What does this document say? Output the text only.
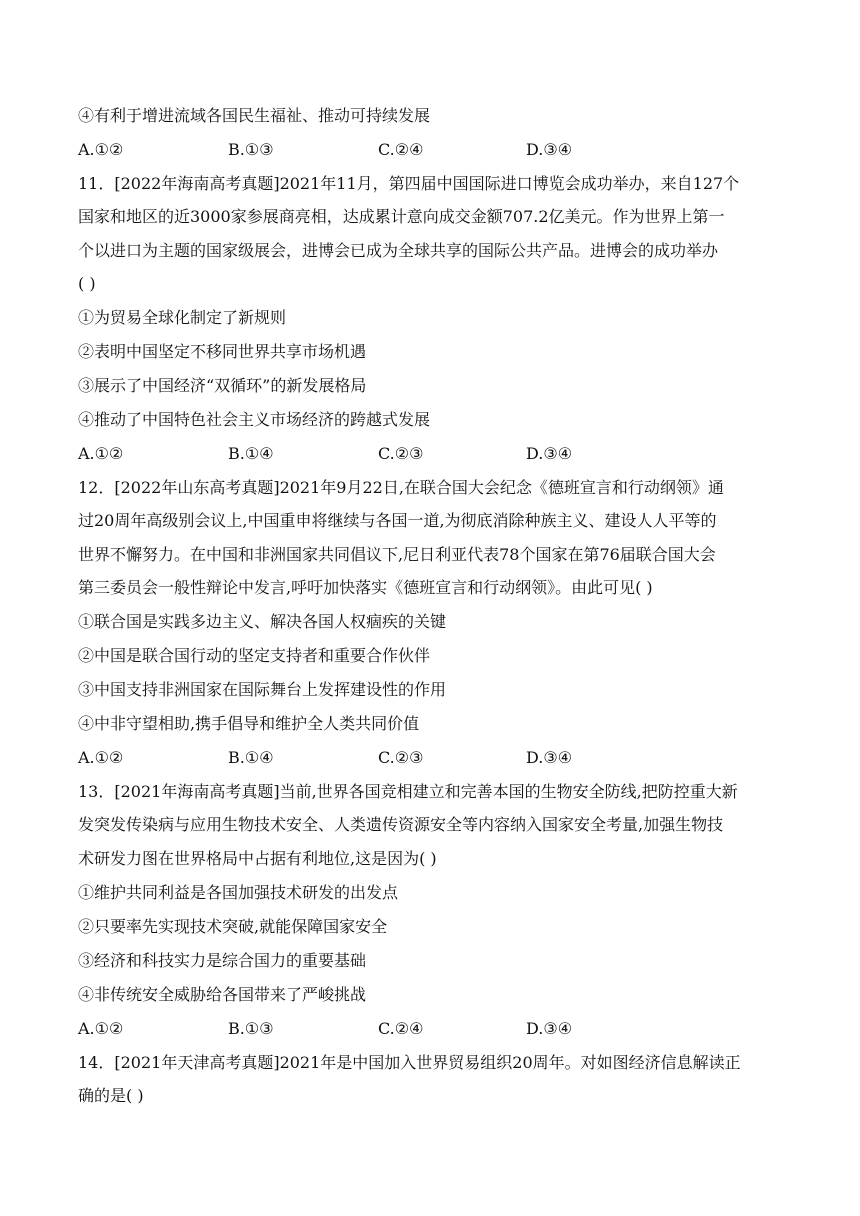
④有利于增进流域各国民生福祉、推动可持续发展
A.①②	B.①③	C.②④	D.③④
11．[2022年海南高考真题]2021年11月，第四届中国国际进口博览会成功举办，来自127个
国家和地区的近3000家参展商亮相，达成累计意向成交金额707.2亿美元。作为世界上第一
个以进口为主题的国家级展会，进博会已成为全球共享的国际公共产品。进博会的成功举办
( )
①为贸易全球化制定了新规则
②表明中国坚定不移同世界共享市场机遇
③展示了中国经济“双循环”的新发展格局
④推动了中国特色社会主义市场经济的跨越式发展
A.①②	B.①④	C.②③	D.③④
12．[2022年山东高考真题]2021年9月22日,在联合国大会纪念《德班宣言和行动纲领》通
过20周年高级别会议上,中国重申将继续与各国一道,为彻底消除种族主义、建设人人平等的
世界不懈努力。在中国和非洲国家共同倡议下,尼日利亚代表78个国家在第76届联合国大会
第三委员会一般性辩论中发言,呼吁加快落实《德班宣言和行动纲领》。由此可见( )
①联合国是实践多边主义、解决各国人权痼疾的关键
②中国是联合国行动的坚定支持者和重要合作伙伴
③中国支持非洲国家在国际舞台上发挥建设性的作用
④中非守望相助,携手倡导和维护全人类共同价值
A.①②	B.①④	C.②③	D.③④
13．[2021年海南高考真题]当前,世界各国竞相建立和完善本国的生物安全防线,把防控重大新
发突发传染病与应用生物技术安全、人类遗传资源安全等内容纳入国家安全考量,加强生物技
术研发力图在世界格局中占据有利地位,这是因为( )
①维护共同利益是各国加强技术研发的出发点
②只要率先实现技术突破,就能保障国家安全
③经济和科技实力是综合国力的重要基础
④非传统安全威胁给各国带来了严峻挑战
A.①②	B.①③	C.②④	D.③④
14．[2021年天津高考真题]2021年是中国加入世界贸易组织20周年。对如图经济信息解读正
确的是( )
